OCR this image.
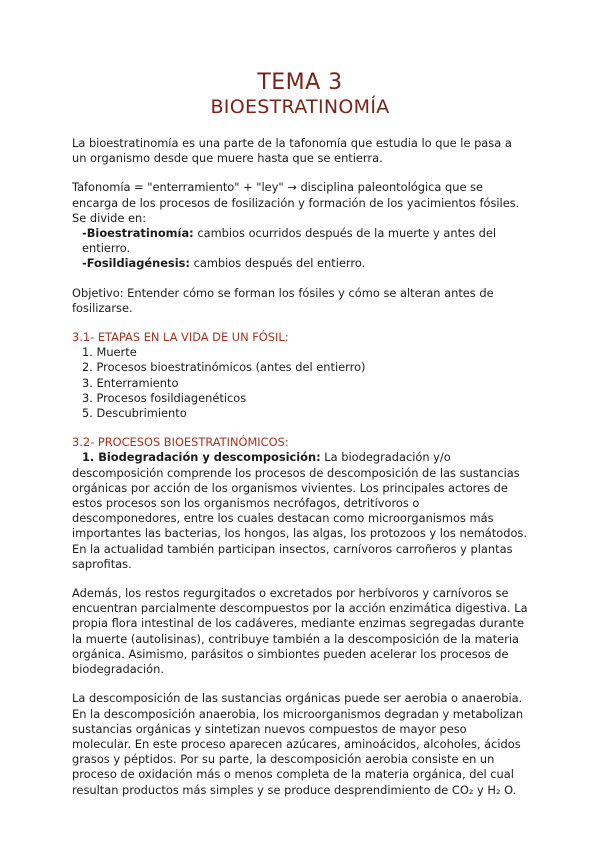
TEMA 3
BIOESTRATINOMÍA

La bioestratinomía es una parte de la tafonomía que estudia lo que le pasa a un organismo desde que muere hasta que se entierra.

Tafonomía = "enterramiento" + "ley" → disciplina paleontológica que se encarga de los procesos de fosilización y formación de los yacimientos fósiles. Se divide en:

-Bioestratinomía: cambios ocurridos después de la muerte y antes del entierro.

-Fosildiagénesis: cambios después del entierro.

Objetivo: Entender cómo se forman los fósiles y cómo se alteran antes de fosilizarse.

3.1- ETAPAS EN LA VIDA DE UN FÓSIL:

1. Muerte

2. Procesos bioestratinómicos (antes del entierro)

3. Enterramiento

3. Procesos fosildiagenéticos

5. Descubrimiento

3.2- PROCESOS BIOESTRATINÓMICOS:

1. Biodegradación y descomposición: La biodegradación y/o descomposición comprende los procesos de descomposición de las sustancias orgánicas por acción de los organismos vivientes. Los principales actores de estos procesos son los organismos necrófagos, detritívoros o descomponedores, entre los cuales destacan como microorganismos más importantes las bacterias, los hongos, las algas, los protozoos y los nemátodos. En la actualidad también participan insectos, carnívoros carroñeros y plantas saprofitas.

Además, los restos regurgitados o excretados por herbívoros y carnívoros se encuentran parcialmente descompuestos por la acción enzimática digestiva. La propia flora intestinal de los cadáveres, mediante enzimas segregadas durante la muerte (autolisinas), contribuye también a la descomposición de la materia orgánica. Asimismo, parásitos o simbiontes pueden acelerar los procesos de biodegradación.

La descomposición de las sustancias orgánicas puede ser aerobia o anaerobia. En la descomposición anaerobia, los microorganismos degradan y metabolizan sustancias orgánicas y sintetizan nuevos compuestos de mayor peso molecular. En este proceso aparecen azúcares, aminoácidos, alcoholes, ácidos grasos y péptidos. Por su parte, la descomposición aerobia consiste en un proceso de oxidación más o menos completa de la materia orgánica, del cual resultan productos más simples y se produce desprendimiento de CO₂ y H₂ O.
